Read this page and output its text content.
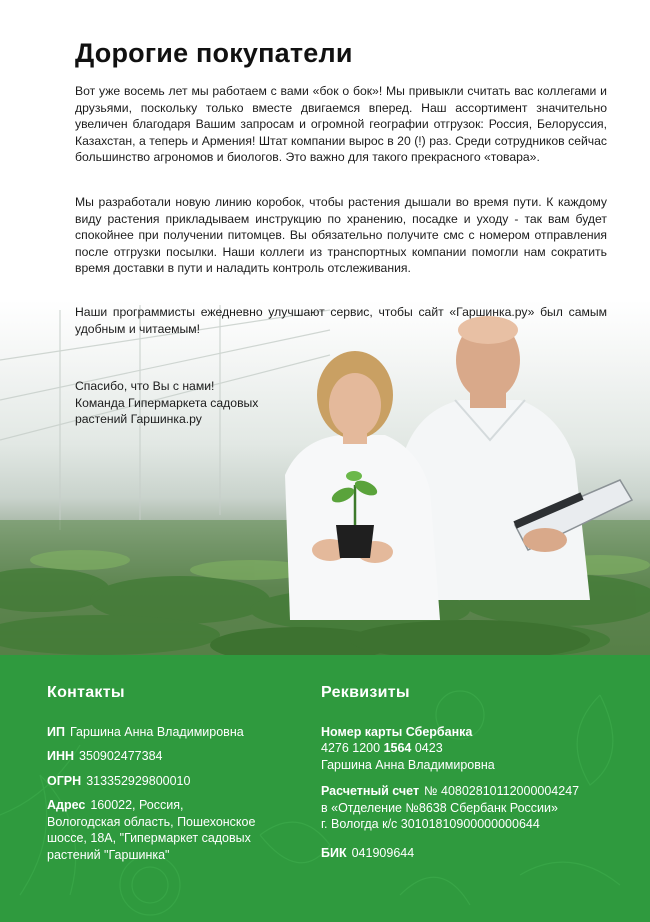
Дорогие покупатели

Вот уже восемь лет мы работаем с вами «бок о бок»! Мы привыкли считать вас коллегами и друзьями, поскольку только вместе двигаемся вперед. Наш ассортимент значительно увеличен благодаря Вашим запросам и огромной географии отгрузок: Россия, Белоруссия, Казахстан, а теперь и Армения! Штат компании вырос в 20 (!) раз. Среди сотрудников сейчас большинство агрономов и биологов. Это важно для такого прекрасного «товара».

Мы разработали новую линию коробок, чтобы растения дышали во время пути. К каждому виду растения прикладываем инструкцию по хранению, посадке и уходу - так вам будет спокойнее при получении питомцев. Вы обязательно получите смс с номером отправления после отгрузки посылки. Наши коллеги из транспортных компании помогли нам сократить время доставки в пути и наладить контроль отслеживания.

Наши программисты ежедневно улучшают сервис, чтобы сайт «Гаршинка.ру» был самым удобным и читаемым!

Спасибо, что Вы с нами!
Команда Гипермаркета садовых
растений Гаршинка.ру
Контакты
ИП Гаршина Анна Владимировна
ИНН 350902477384
ОГРН 313352929800010
Адрес 160022, Россия,
Вологодская область, Пошехонское
шоссе, 18А, "Гипермаркет садовых
растений "Гаршинка"
Реквизиты
Номер карты Сбербанка
4276 1200 1564 0423
Гаршина Анна Владимировна
Расчетный счет № 40802810112000004247
в «Отделение №8638 Сбербанк России»
г. Вологда к/с 30101810900000000644
БИК 041909644
